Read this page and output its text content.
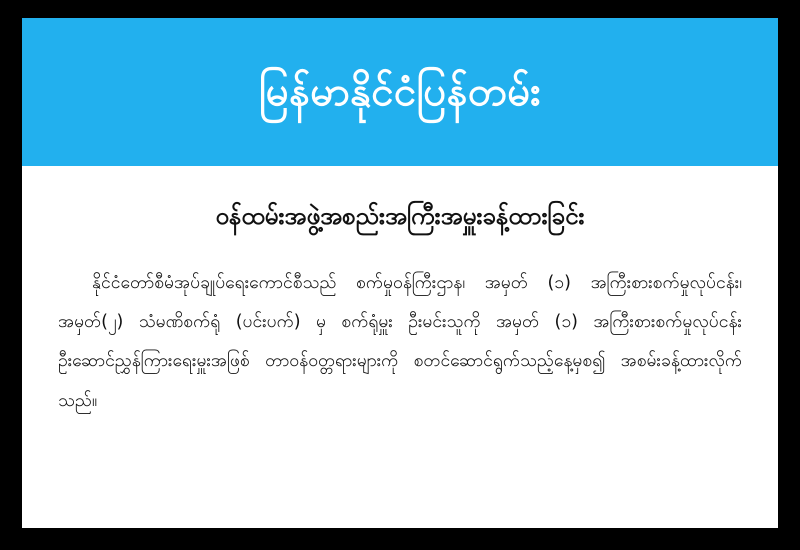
မြန်မာနိုင်ငံပြန်တမ်း
ဝန်ထမ်းအဖွဲ့အစည်းအကြီးအမှူးခန့်ထားခြင်း
နိုင်ငံတော်စီမံအုပ်ချုပ်ရေးကောင်စီသည် စက်မှုဝန်ကြီးဌာန၊ အမှတ် (၁) အကြီးစားစက်မှုလုပ်ငန်း၊ အမှတ်(၂) သံမဏိစက်ရုံ (ပင်းပက်) မှ စက်ရုံမှူး ဦးမင်းသူကို အမှတ် (၁) အကြီးစားစက်မှုလုပ်ငန်း ဦးဆောင်ညွှန်ကြားရေးမှူးအဖြစ် တာဝန်ဝတ္တရားများကို စတင်ဆောင်ရွက်သည့်နေ့မှစ၍ အစမ်းခန့်ထားလိုက်သည်။
